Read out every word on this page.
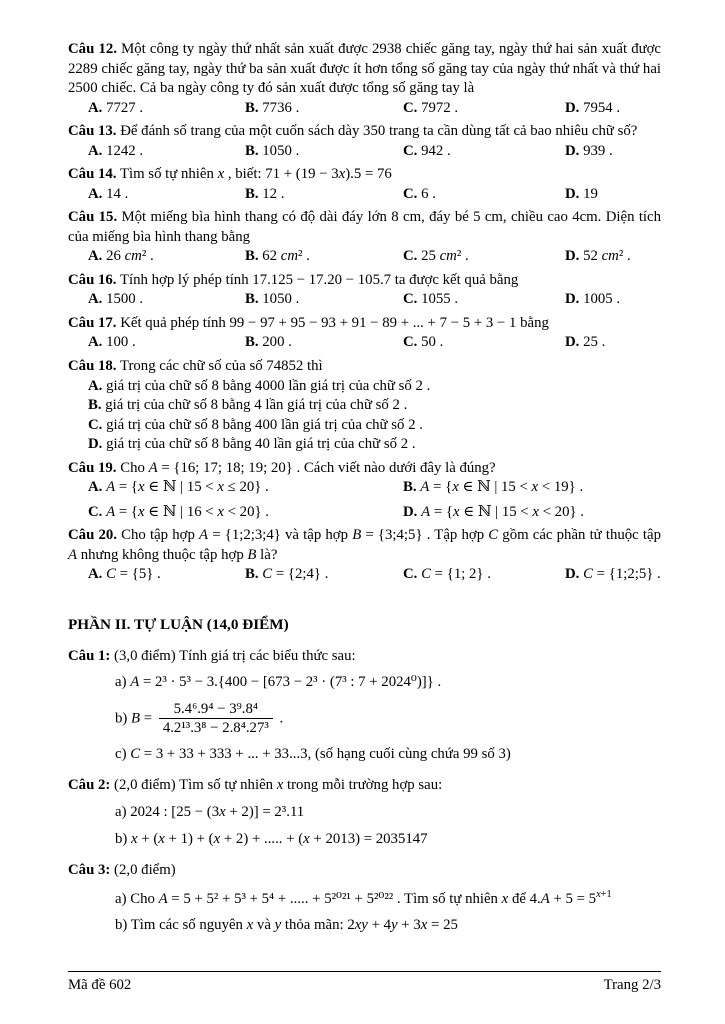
Câu 12. Một công ty ngày thứ nhất sản xuất được 2938 chiếc găng tay, ngày thứ hai sản xuất được 2289 chiếc găng tay, ngày thứ ba sản xuất được ít hơn tổng số găng tay của ngày thứ nhất và thứ hai 2500 chiếc. Cả ba ngày công ty đó sản xuất được tổng số găng tay là

A. 7727 .	B. 7736 .	C. 7972 .	D. 7954 .

Câu 13. Để đánh số trang của một cuốn sách dày 350 trang ta cần dùng tất cả bao nhiêu chữ số?

A. 1242 .	B. 1050 .	C. 942 .	D. 939 .

Câu 14. Tìm số tự nhiên x , biết: 71 + (19 − 3x).5 = 76

A. 14 .	B. 12 .	C. 6 .	D. 19

Câu 15. Một miếng bìa hình thang có độ dài đáy lớn 8 cm, đáy bé 5 cm, chiều cao 4cm. Diện tích của miếng bìa hình thang bằng

A. 26 cm² .	B. 62 cm² .	C. 25 cm² .	D. 52 cm² .

Câu 16. Tính hợp lý phép tính 17.125 − 17.20 − 105.7 ta được kết quả bằng

A. 1500 .	B. 1050 .	C. 1055 .	D. 1005 .

Câu 17. Kết quả phép tính 99 − 97 + 95 − 93 + 91 − 89 + ... + 7 − 5 + 3 − 1 bằng

A. 100 .	B. 200 .	C. 50 .	D. 25 .

Câu 18. Trong các chữ số của số 74852 thì

A. giá trị của chữ số 8 bằng 4000 lần giá trị của chữ số 2 .
B. giá trị của chữ số 8 bằng 4 lần giá trị của chữ số 2 .
C. giá trị của chữ số 8 bằng 400 lần giá trị của chữ số 2 .
D. giá trị của chữ số 8 bằng 40 lần giá trị của chữ số 2 .

Câu 19. Cho A = {16; 17; 18; 19; 20} . Cách viết nào dưới đây là đúng?

A. A = {x ∈ ℕ | 15 < x ≤ 20} .	B. A = {x ∈ ℕ | 15 < x < 19} .
C. A = {x ∈ ℕ | 16 < x < 20} .	D. A = {x ∈ ℕ | 15 < x < 20} .

Câu 20. Cho tập hợp A = {1;2;3;4} và tập hợp B = {3;4;5} . Tập hợp C gồm các phần tử thuộc tập A nhưng không thuộc tập hợp B là?

A. C = {5} .	B. C = {2;4} .	C. C = {1; 2} .	D. C = {1;2;5} .
PHẦN II. TỰ LUẬN (14,0 ĐIỂM)

Câu 1: (3,0 điểm) Tính giá trị các biểu thức sau:

a) A = 2³ · 5³ − 3.{400 − [673 − 2³ · (7³ : 7 + 2024⁰)]} .

b) $B = \frac{\text{5.4⁶.9⁴ − 3⁹.8⁴}}{\text{4.2¹³.3⁸ − 2.8⁴.27³}}$ .

c) C = 3 + 33 + 333 + ... + 33...3, (số hạng cuối cùng chứa 99 số 3)

Câu 2: (2,0 điểm) Tìm số tự nhiên x trong mỗi trường hợp sau:

a) 2024 : [25 − (3x + 2)] = 2³.11

b) x + (x + 1) + (x + 2) + ..... + (x + 2013) = 2035147

Câu 3: (2,0 điểm)

a) Cho A = 5 + 5² + 5³ + 5⁴ + ..... + 5²⁰²¹ + 5²⁰²² . Tìm số tự nhiên x để $4.A + 5 = 5^{x+1}$

b) Tìm các số nguyên x và y thỏa mãn: 2xy + 4y + 3x = 25

Mã đề 602	Trang 2/3
